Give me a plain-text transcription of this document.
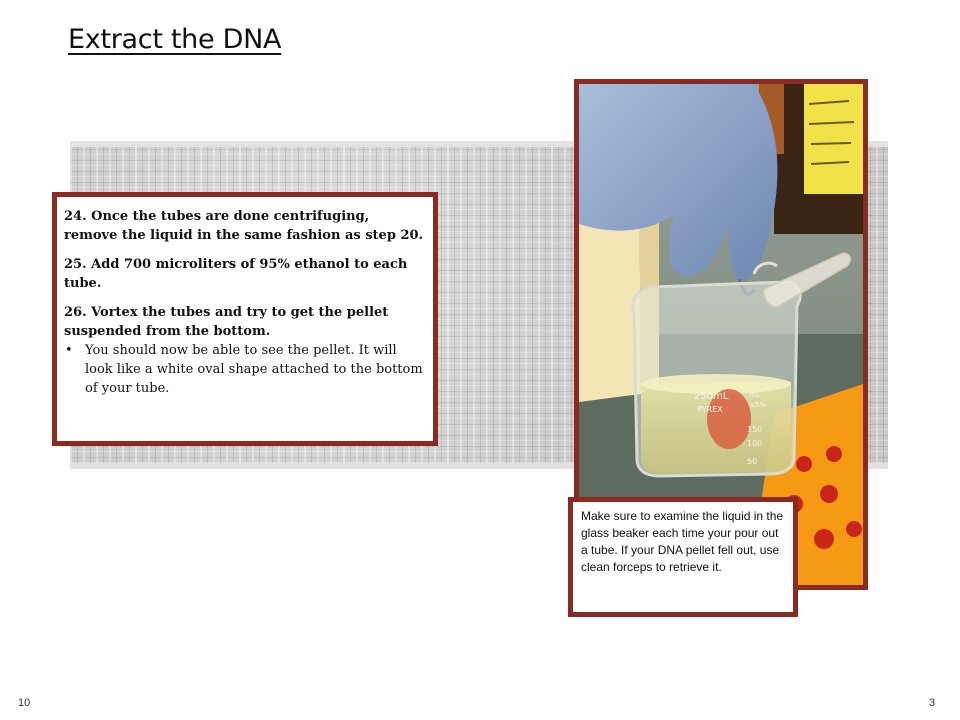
Extract the DNA

24. Once the tubes are done centrifuging, remove the liquid in the same fashion as step 20.

25. Add 700 microliters of 95% ethanol to each tube.

26. Vortex the tubes and try to get the pellet suspended from the bottom.

• You should now be able to see the pellet. It will look like a white oval shape attached to the bottom of your tube.
250mL
PYREX
mL
±5%
150
100
50
Make sure to examine the liquid in the glass beaker each time your pour out a tube. If your DNA pellet fell out, use clean forceps to retrieve it.
10	3
